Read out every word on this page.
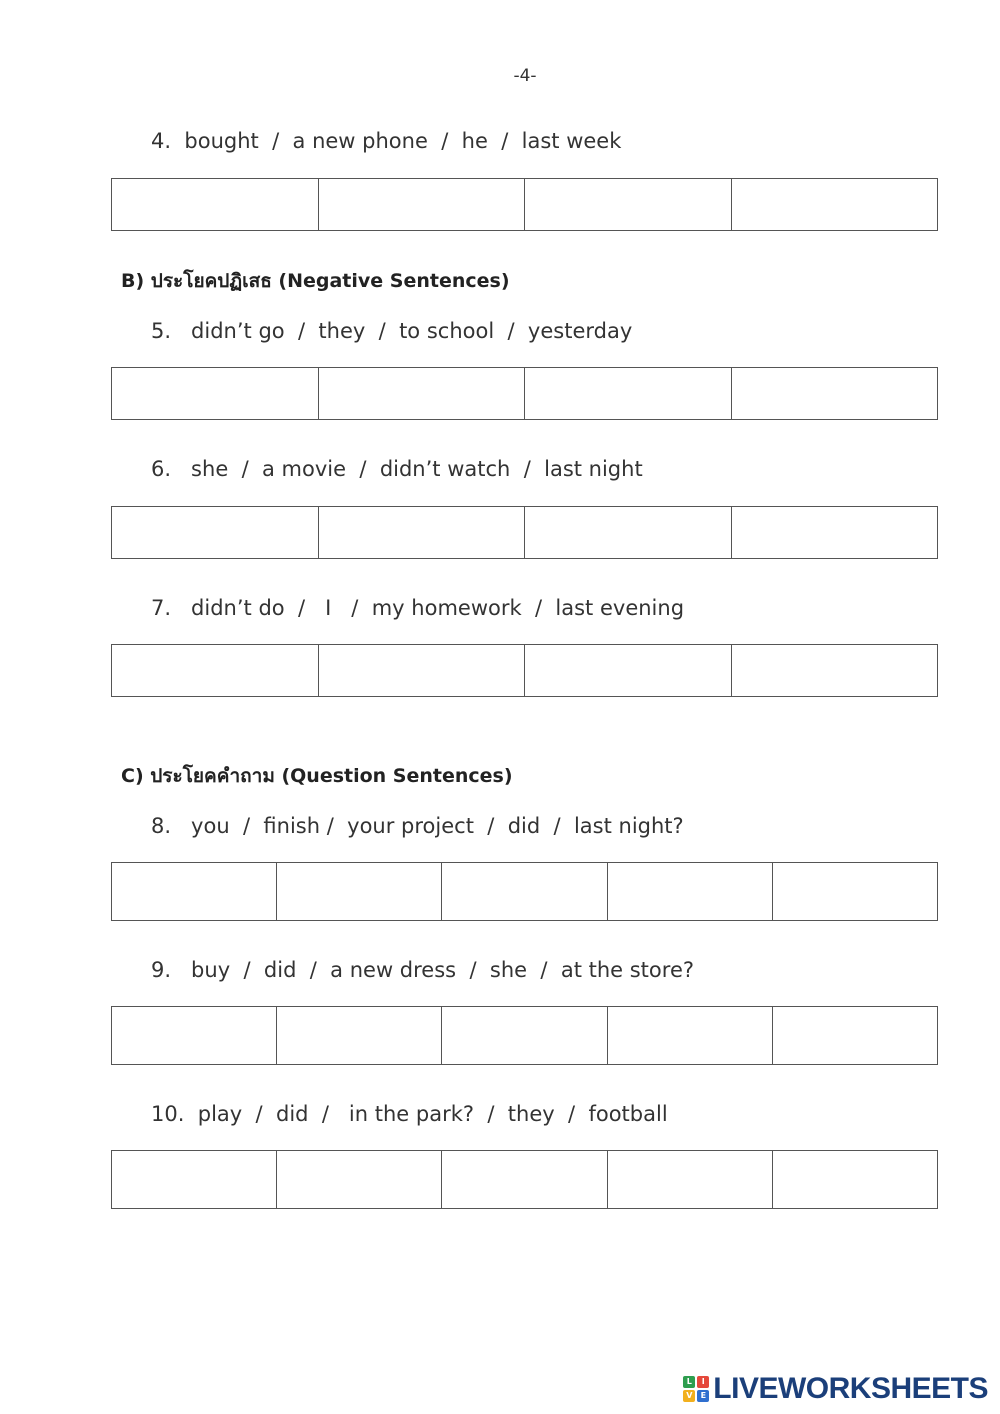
-4-
4.  bought  /  a new phone  /  he  /  last week
B) ประโยคปฏิเสธ (Negative Sentences)
5.   didn’t go  /  they  /  to school  /  yesterday
6.   she  /  a movie  /  didn’t watch  /  last night
7.   didn’t do  /   I   /  my homework  /  last evening
C) ประโยคคำถาม (Question Sentences)
8.   you  /  finish /  your project  /  did  /  last night?
9.   buy  /  did  /  a new dress  /  she  /  at the store?
10.  play  /  did  /   in the park?  /  they  /  football
L	I
V	E LIVEWORKSHEETS
